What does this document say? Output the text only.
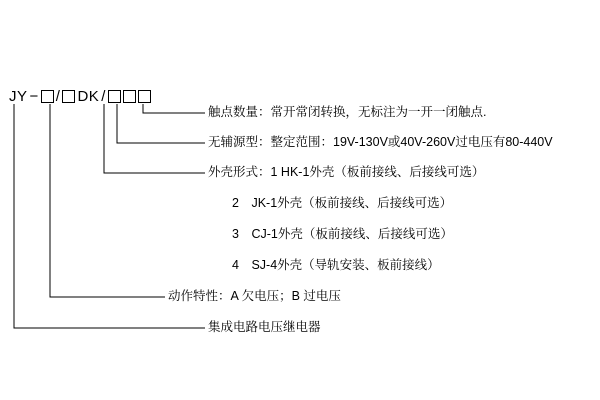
JY − / DK /
触点数量：常开常闭转换，无标注为一开一闭触点.
无辅源型：整定范围：19V-130V或40V-260V过电压有80-440V
外壳形式：1 HK-1外壳（板前接线、后接线可选）
2　JK-1外壳（板前接线、后接线可选）
3　CJ-1外壳（板前接线、后接线可选）
4　SJ-4外壳（导轨安装、板前接线）
动作特性：A 欠电压；B 过电压
集成电路电压继电器
